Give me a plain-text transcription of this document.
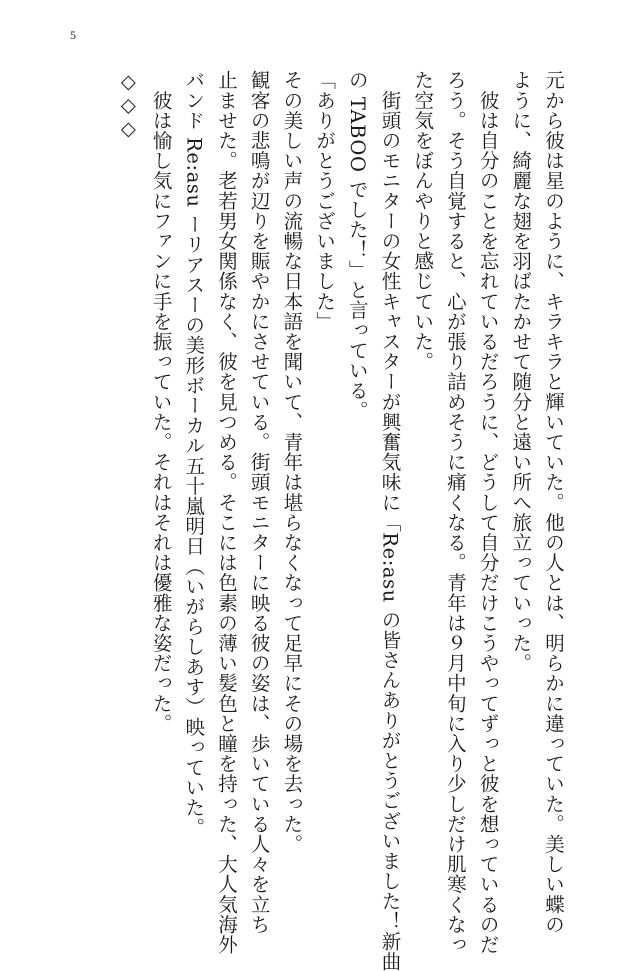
5

元から彼は星のように、キラキラと輝いていた。他の人とは、明らかに違っていた。美しい蝶の

ように、綺麗な翅を羽ばたかせて随分と遠い所へ旅立っていった。

　彼は自分のことを忘れているだろうに、どうして自分だけこうやってずっと彼を想っているのだ

ろう。そう自覚すると、心が張り詰めそうに痛くなる。青年は９月中旬に入り少しだけ肌寒くなっ

た空気をぼんやりと感じていた。

　街頭のモニターの女性キャスターが興奮気味に「Re:asu の皆さんありがとうございました！新曲

の TABOO でした！」と言っている。

「ありがとうございました」

その美しい声の流暢な日本語を聞いて、青年は堪らなくなって足早にその場を去った。

観客の悲鳴が辺りを賑やかにさせている。街頭モニターに映る彼の姿は、歩いている人々を立ち

止ませた。老若男女関係なく、彼を見つめる。そこには色素の薄い髪色と瞳を持った、大人気海外

バンド Re:asu ーリアスーの美形ボーカル五十嵐明日（いがらしあす）映っていた。

　彼は愉し気にファンに手を振っていた。それはそれは優雅な姿だった。

◇◇◇
